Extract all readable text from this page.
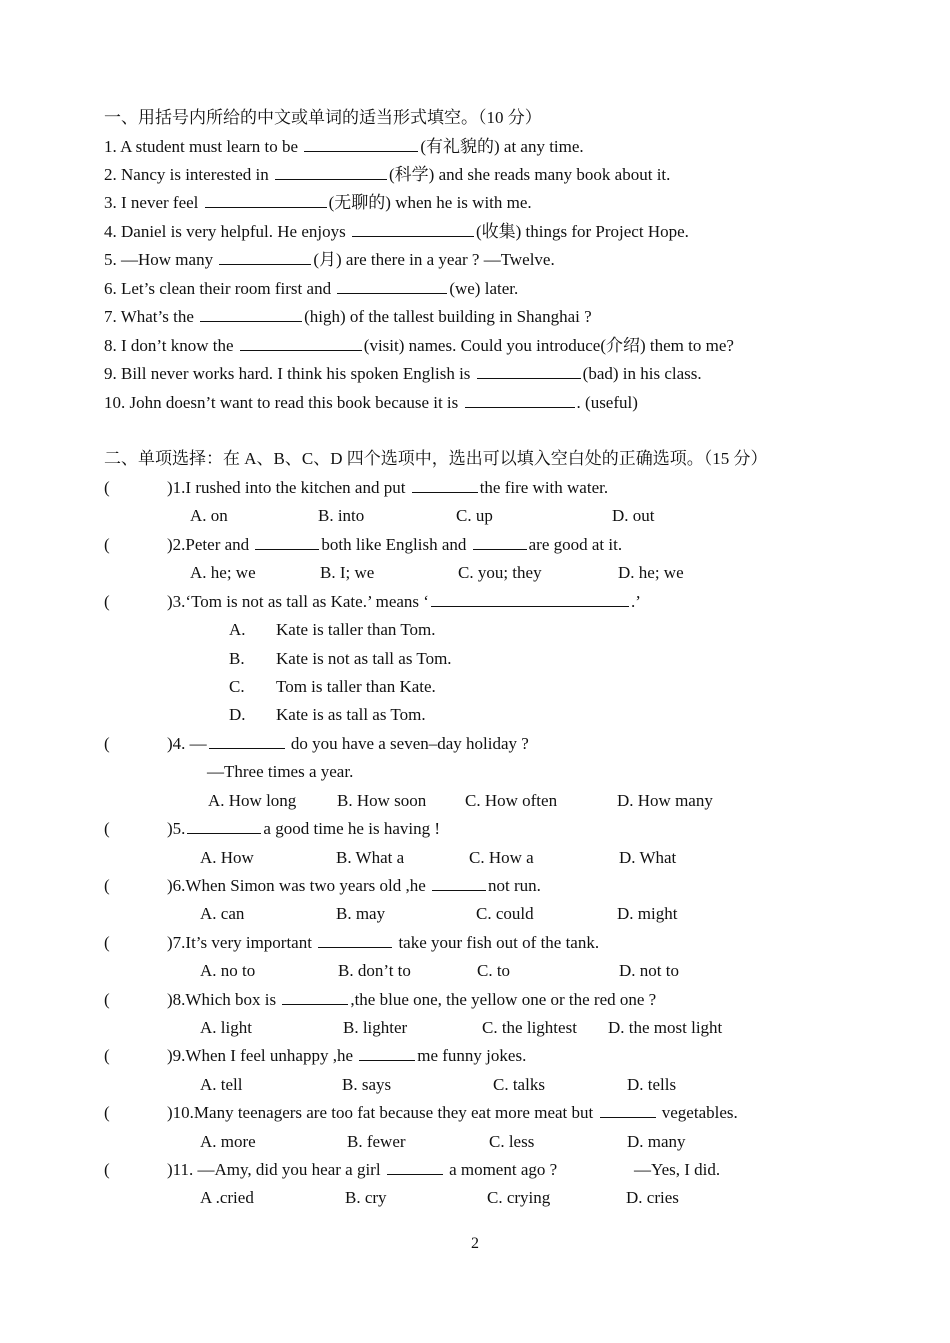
一、用括号内所给的中文或单词的适当形式填空。（10 分）
1. A student must learn to be	(有礼貌的) at any time.
2. Nancy is interested in	(科学) and she reads many book about it.
3. I never feel	(无聊的) when he is with me.
4. Daniel is very helpful. He enjoys	(收集) things for Project Hope.
5. —How many	(月) are there in a year ? —Twelve.
6. Let’s clean their room first and	(we) later.
7. What’s the	(high) of the tallest building in Shanghai ?
8. I don’t know the	(visit) names. Could you introduce(介绍) them to me?
9. Bill never works hard. I think his spoken English is	(bad) in his class.
10. John doesn’t want to read this book because it is	. (useful)
二、单项选择：在 A、B、C、D 四个选项中，选出可以填入空白处的正确选项。（15 分）
(	)1.I rushed into the kitchen and put	the fire with water.
A. on	B. into	C. up	D. out
(	)2.Peter and	both like English and	are good at it.
A. he; we	B. I; we	C. you; they	D. he; we
(	)3.‘Tom is not as tall as Kate.’ means ‘	.’
A. Kate is taller than Tom.
B. Kate is not as tall as Tom.
C. Tom is taller than Kate.
D. Kate is as tall as Tom.
(	)4. —	do you have a seven–day holiday ?
—Three times a year.
A. How long B. How soon C. How often	D. How many
(	)5.	a good time he is having !
A. How	B. What a	C. How a	D. What
(	)6.When Simon was two years old ,he	not run.
A. can	B. may	C. could	D. might
(	)7.It’s very important	take your fish out of the tank.
A. no to	B. don’t to	C. to	D. not to
(	)8.Which box is	,the blue one, the yellow one or the red one ?
A. light	B. lighter	C. the lightest D. the most light
(	)9.When I feel unhappy ,he	me funny jokes.
A. tell	B. says	C. talks	D. tells
(	)10.Many teenagers are too fat because they eat more meat but	vegetables.
A. more	B. fewer	C. less	D. many
(	)11. —Amy, did you hear a girl	a moment ago ?	—Yes, I did.
A .cried	B. cry	C. crying	D. cries
2
